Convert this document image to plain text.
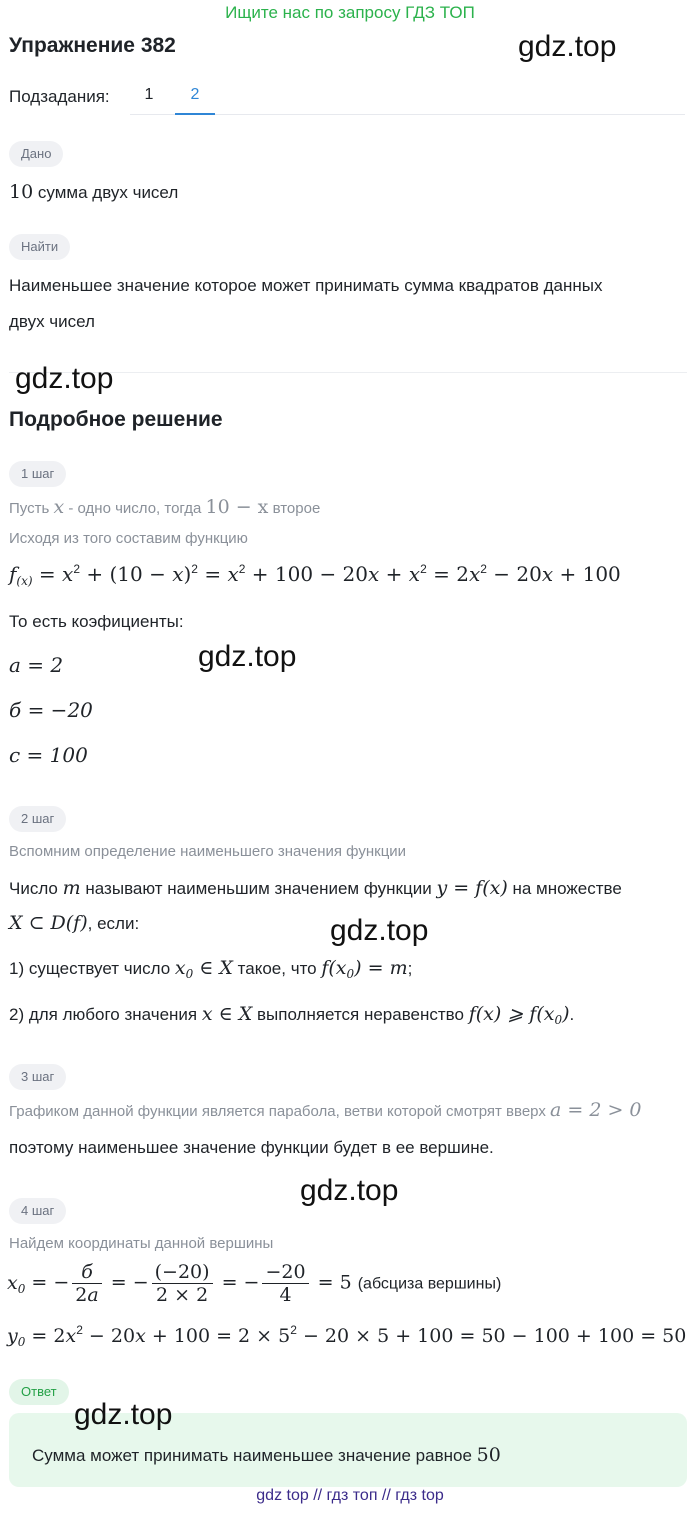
Ищите нас по запросу ГДЗ ТОП
Упражнение 382	gdz.top
Подзадания:	1	2
Дано
10 сумма двух чисел
Найти
Наименьшее значение которое может принимать сумма квадратов данных
двух чисел
gdz.top
Подробное решение
1 шаг
Пусть x - одно число, тогда 10 − x второе
Исходя из того составим функцию
$f_{(x)} = x^2 + (10 - x)^2 = x^2 + 100 - 20x + x^2 = 2x^2 - 20x + 100$
То есть коэфициенты:
a = 2	gdz.top
б = −20
c = 100
2 шаг
Вспомним определение наименьшего значения функции
Число m называют наименьшим значением функции y = f(x) на множестве
X ⊂ D(f), если:	gdz.top
1) существует число $x_0$ ∈ X такое, что $f(x_0) = m$;
2) для любого значения x ∈ X выполняется неравенство f(x) ⩾ $f(x_0)$.
3 шаг
Графиком данной функции является парабола, ветви которой смотрят вверх a = 2 > 0
поэтому наименьшее значение функции будет в ее вершине.
gdz.top
4 шаг
Найдем координаты данной вершины
$x_0$ = − $\frac{б}{2a}$ = − $\frac{(-20)}{2 \times 2}$ = − $\frac{-20}{4} = 5$ (абсциза вершины)
$y_0 = 2x^2 - 20x + 100 = 2 \times 5^2 - 20 \times 5 + 100 = 50 - 100 + 100 = 50$
Ответ
gdz.top
Сумма может принимать наименьшее значение равное 50
gdz top // гдз топ // гдз top
